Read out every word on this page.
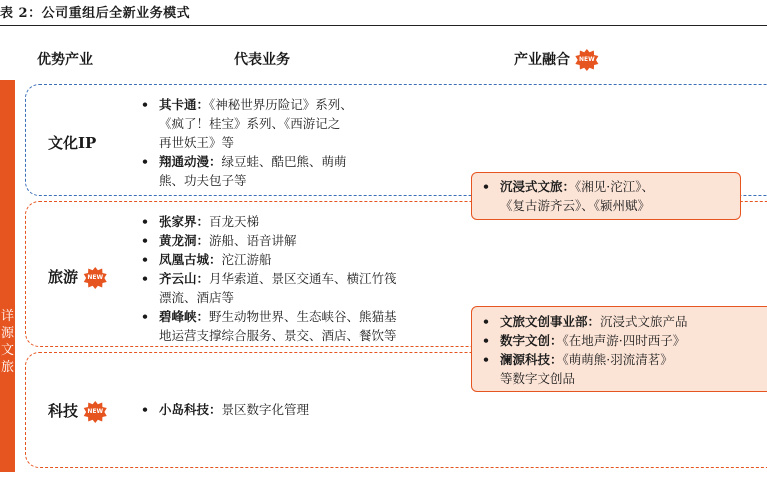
表 2：公司重组后全新业务模式
优势产业	代表业务	产业融合	NEW
详
源
文
旅
文化IP
• 其卡通：《神秘世界历险记》系列、
《疯了！桂宝》系列、《西游记之
再世妖王》等
• 翔通动漫：绿豆蛙、酷巴熊、萌萌
熊、功夫包子等
旅游	NEW
• 张家界：百龙天梯
• 黄龙洞：游船、语音讲解
• 凤凰古城：沱江游船
• 齐云山：月华索道、景区交通车、横江竹筏
漂流、酒店等
• 碧峰峡：野生动物世界、生态峡谷、熊猫基
地运营支撑综合服务、景交、酒店、餐饮等
科技	NEW
•	小岛科技：景区数字化管理
• 沉浸式文旅：《湘见·沱江》、
《复古游齐云》、《颍州赋》
• 文旅文创事业部：沉浸式文旅产品
• 数字文创：《在地声游·四时西子》
• 澜源科技：《萌萌熊·羽流清茗》
等数字文创品
